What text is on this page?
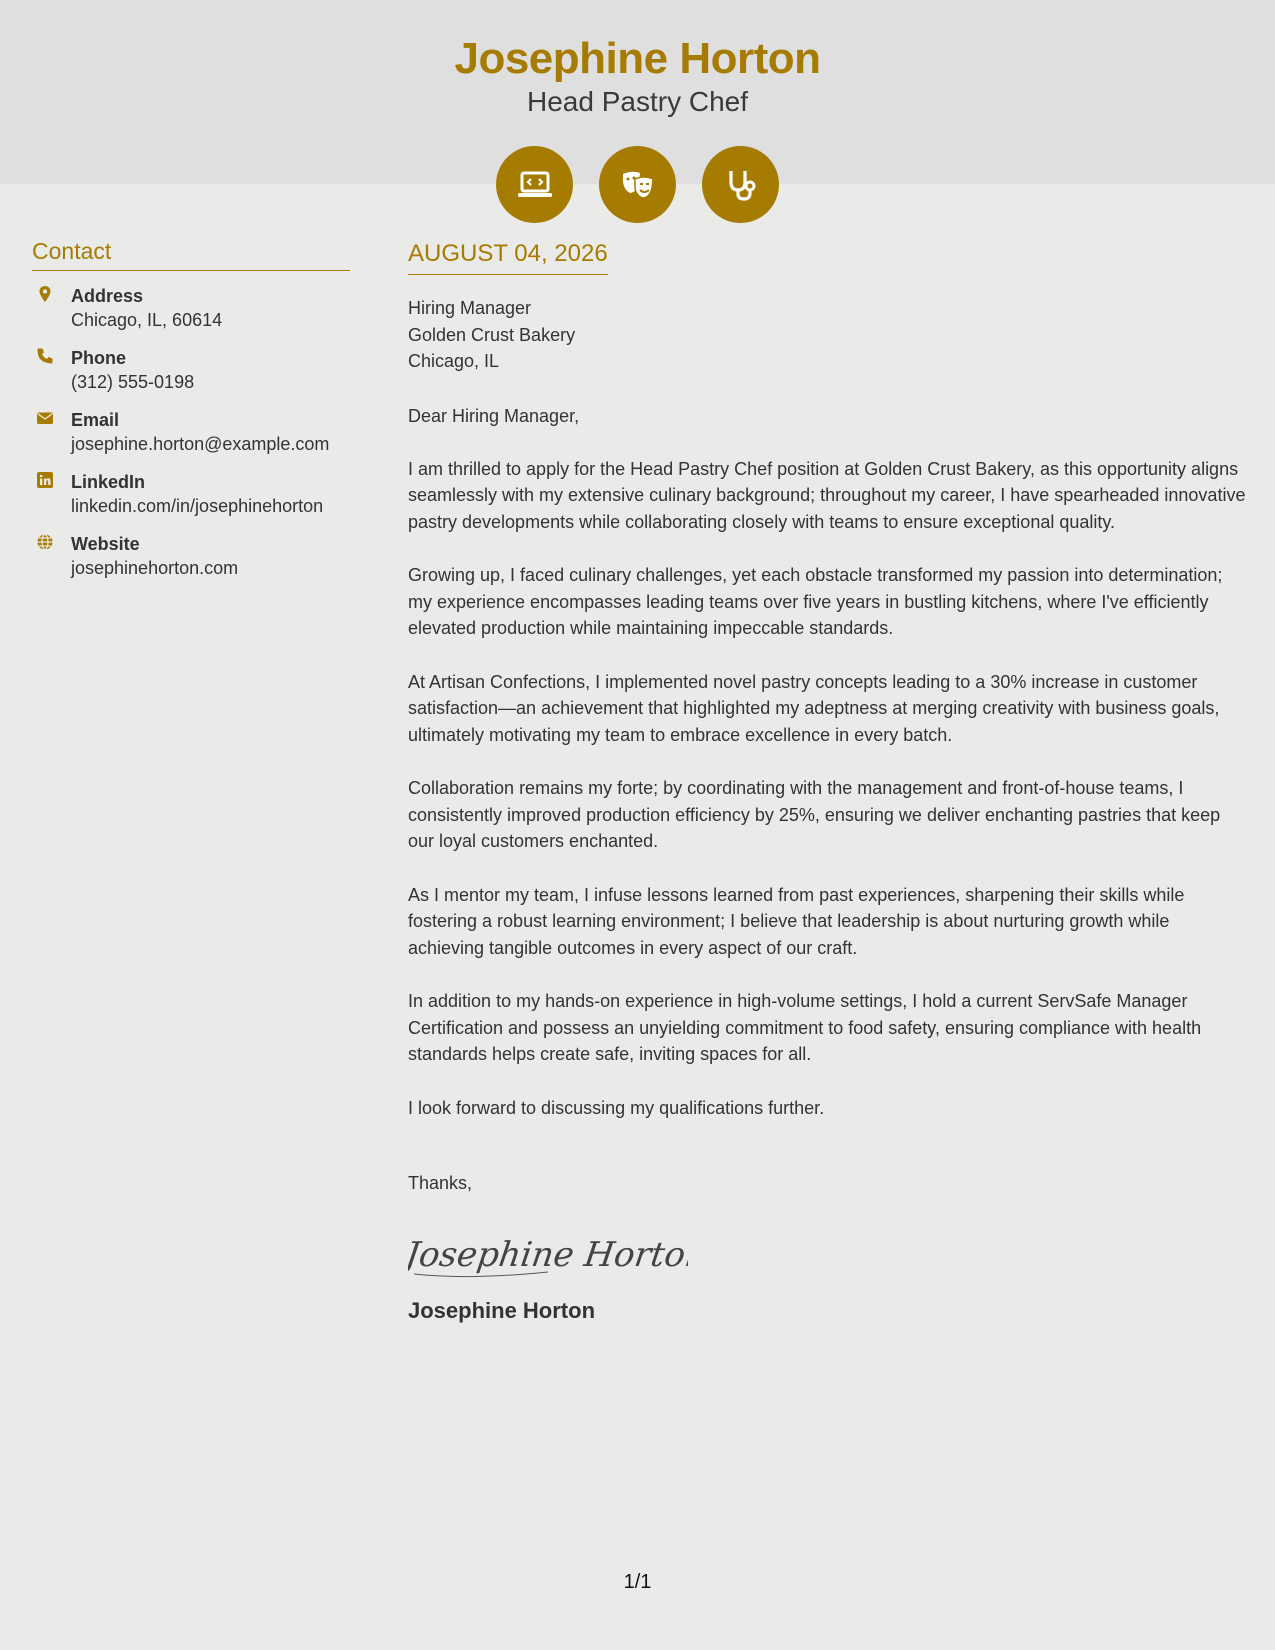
Josephine Horton
Head Pastry Chef
Contact
Address
Chicago, IL, 60614
Phone
(312) 555-0198
Email
josephine.horton@example.com
LinkedIn
linkedin.com/in/josephinehorton
Website
josephinehorton.com
AUGUST 04, 2026
Hiring Manager
Golden Crust Bakery
Chicago, IL
Dear Hiring Manager,
I am thrilled to apply for the Head Pastry Chef position at Golden Crust Bakery, as this opportunity aligns seamlessly with my extensive culinary background; throughout my career, I have spearheaded innovative pastry developments while collaborating closely with teams to ensure exceptional quality.
Growing up, I faced culinary challenges, yet each obstacle transformed my passion into determination; my experience encompasses leading teams over five years in bustling kitchens, where I've efficiently elevated production while maintaining impeccable standards.
At Artisan Confections, I implemented novel pastry concepts leading to a 30% increase in customer satisfaction—an achievement that highlighted my adeptness at merging creativity with business goals, ultimately motivating my team to embrace excellence in every batch.
Collaboration remains my forte; by coordinating with the management and front-of-house teams, I consistently improved production efficiency by 25%, ensuring we deliver enchanting pastries that keep our loyal customers enchanted.
As I mentor my team, I infuse lessons learned from past experiences, sharpening their skills while fostering a robust learning environment; I believe that leadership is about nurturing growth while achieving tangible outcomes in every aspect of our craft.
In addition to my hands-on experience in high-volume settings, I hold a current ServSafe Manager Certification and possess an unyielding commitment to food safety, ensuring compliance with health standards helps create safe, inviting spaces for all.
I look forward to discussing my qualifications further.
Thanks,
Josephine Horton
Josephine Horton
1/1
